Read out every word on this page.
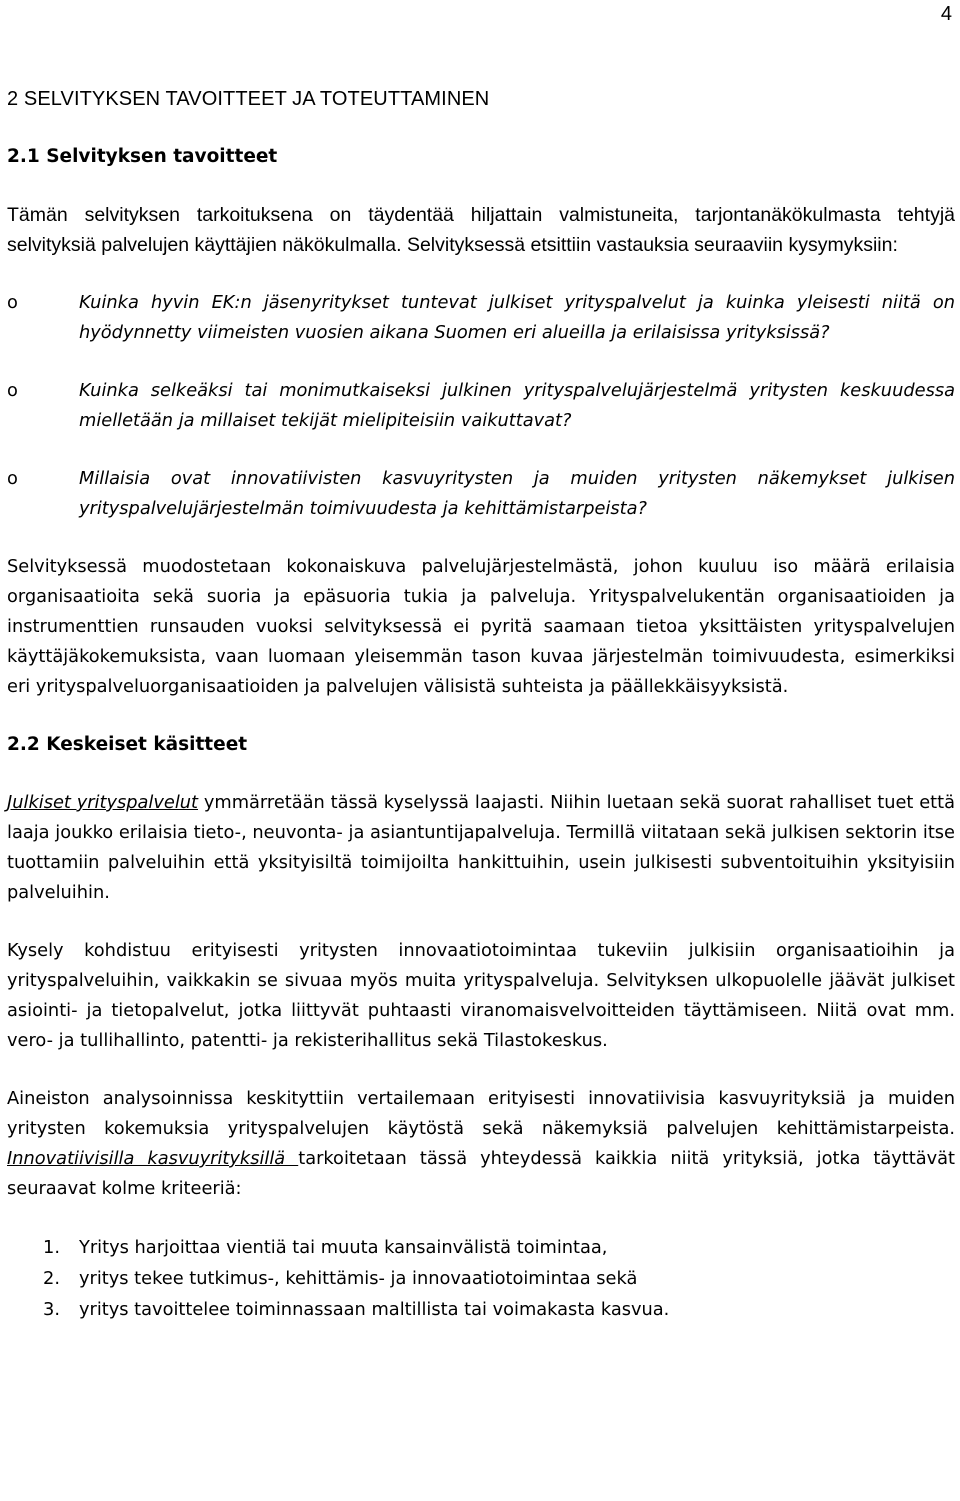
4
2 SELVITYKSEN TAVOITTEET JA TOTEUTTAMINEN
2.1 Selvityksen tavoitteet

Tämän selvityksen tarkoituksena on täydentää hiljattain valmistuneita, tarjontanäkökulmasta tehtyjä selvityksiä palvelujen käyttäjien näkökulmalla. Selvityksessä etsittiin vastauksia seuraaviin kysymyksiin:

o	Kuinka hyvin EK:n jäsenyritykset tuntevat julkiset yrityspalvelut ja kuinka yleisesti niitä on hyödynnetty viimeisten vuosien aikana Suomen eri alueilla ja erilaisissa yrityksissä?
o	Kuinka selkeäksi tai monimutkaiseksi julkinen yrityspalvelujärjestelmä yritysten keskuudessa mielletään ja millaiset tekijät mielipiteisiin vaikuttavat?
o	Millaisia ovat innovatiivisten kasvuyritysten ja muiden yritysten näkemykset julkisen yrityspalvelujärjestelmän toimivuudesta ja kehittämistarpeista?

Selvityksessä muodostetaan kokonaiskuva palvelujärjestelmästä, johon kuuluu iso määrä erilaisia organisaatioita sekä suoria ja epäsuoria tukia ja palveluja. Yrityspalvelukentän organisaatioiden ja instrumenttien runsauden vuoksi selvityksessä ei pyritä saamaan tietoa yksittäisten yrityspalvelujen käyttäjäkokemuksista, vaan luomaan yleisemmän tason kuvaa järjestelmän toimivuudesta, esimerkiksi eri yrityspalveluorganisaatioiden ja palvelujen välisistä suhteista ja päällekkäisyyksistä.

2.2 Keskeiset käsitteet

Julkiset yrityspalvelut ymmärretään tässä kyselyssä laajasti. Niihin luetaan sekä suorat rahalliset tuet että laaja joukko erilaisia tieto-, neuvonta- ja asiantuntijapalveluja. Termillä viitataan sekä julkisen sektorin itse tuottamiin palveluihin että yksityisiltä toimijoilta hankittuihin, usein julkisesti subventoituihin yksityisiin palveluihin.

Kysely kohdistuu erityisesti yritysten innovaatiotoimintaa tukeviin julkisiin organisaatioihin ja yrityspalveluihin, vaikkakin se sivuaa myös muita yrityspalveluja. Selvityksen ulkopuolelle jäävät julkiset asiointi- ja tietopalvelut, jotka liittyvät puhtaasti viranomaisvelvoitteiden täyttämiseen. Niitä ovat mm. vero- ja tullihallinto, patentti- ja rekisterihallitus sekä Tilastokeskus.

Aineiston analysoinnissa keskityttiin vertailemaan erityisesti innovatiivisia kasvuyrityksiä ja muiden yritysten kokemuksia yrityspalvelujen käytöstä sekä näkemyksiä palvelujen kehittämistarpeista. Innovatiivisilla kasvuyrityksillä tarkoitetaan tässä yhteydessä kaikkia niitä yrityksiä, jotka täyttävät seuraavat kolme kriteeriä:

1. Yritys harjoittaa vientiä tai muuta kansainvälistä toimintaa,
2. yritys tekee tutkimus-, kehittämis- ja innovaatiotoimintaa sekä
3. yritys tavoittelee toiminnassaan maltillista tai voimakasta kasvua.
